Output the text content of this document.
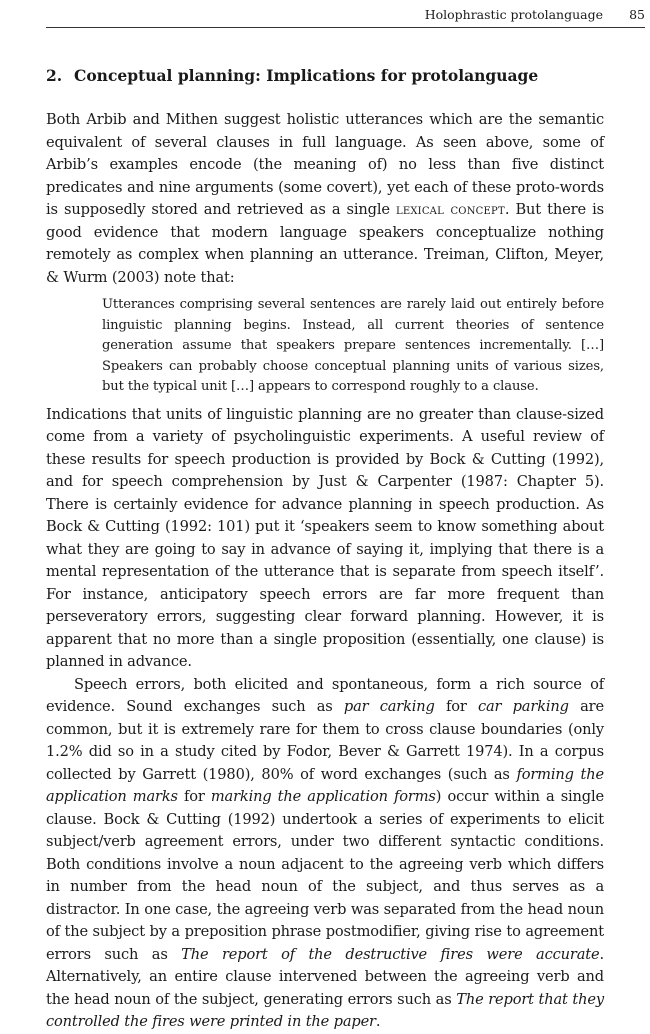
Holophrastic protolanguage 85
2. Conceptual planning: Implications for protolanguage

Both Arbib and Mithen suggest holistic utterances which are the semantic equivalent of several clauses in full language. As seen above, some of Arbib’s examples encode (the meaning of) no less than five distinct predicates and nine arguments (some covert), yet each of these proto-words is supposedly stored and retrieved as a single lexical concept. But there is good evidence that modern language speakers conceptualize nothing remotely as complex when planning an utterance. Treiman, Clifton, Meyer, & Wurm (2003) note that:

Utterances comprising several sentences are rarely laid out entirely before linguistic planning begins. Instead, all current theories of sentence generation assume that speakers prepare sentences incrementally. […] Speakers can probably choose conceptual planning units of various sizes, but the typical unit […] appears to correspond roughly to a clause.

Indications that units of linguistic planning are no greater than clause-sized come from a variety of psycholinguistic experiments. A useful review of these results for speech production is provided by Bock & Cutting (1992), and for speech comprehension by Just & Carpenter (1987: Chapter 5). There is certainly evidence for advance planning in speech production. As Bock & Cutting (1992: 101) put it ‘speakers seem to know something about what they are going to say in advance of saying it, implying that there is a mental representation of the utterance that is separate from speech itself’. For instance, anticipatory speech errors are far more frequent than perseveratory errors, suggesting clear forward planning. However, it is apparent that no more than a single proposition (essentially, one clause) is planned in advance.

Speech errors, both elicited and spontaneous, form a rich source of evidence. Sound exchanges such as par carking for car parking are common, but it is extremely rare for them to cross clause boundaries (only 1.2% did so in a study cited by Fodor, Bever & Garrett 1974). In a corpus collected by Garrett (1980), 80% of word exchanges (such as forming the application marks for marking the application forms) occur within a single clause. Bock & Cutting (1992) undertook a series of experiments to elicit subject/verb agreement errors, under two different syntactic conditions. Both conditions involve a noun adjacent to the agreeing verb which differs in number from the head noun of the subject, and thus serves as a distractor. In one case, the agreeing verb was separated from the head noun of the subject by a preposition phrase postmodifier, giving rise to agreement errors such as The report of the destructive fires were accurate. Alternatively, an entire clause intervened between the agreeing verb and the head noun of the subject, generating errors such as The report that they controlled the fires were printed in the paper.
